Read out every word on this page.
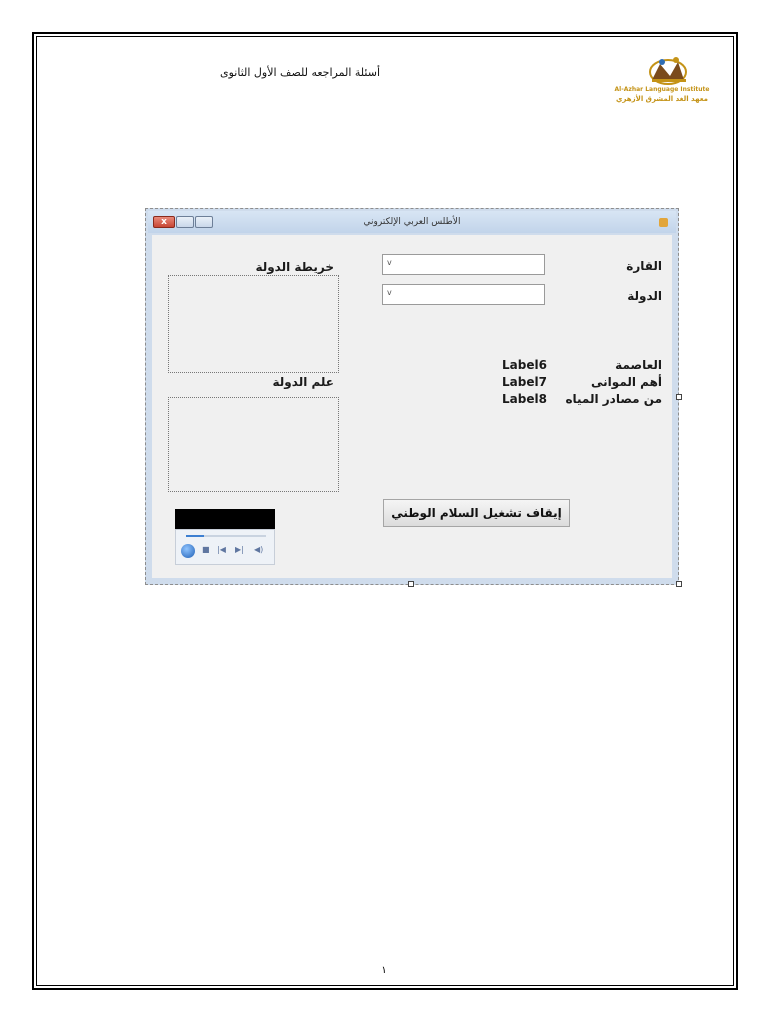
أسئلة المراجعه للصف الأول الثانوى
Al-Azhar Language Institute
معهد الغد المشرق الأزهري
x	الأطلس العربي الإلكتروني
القارة
v
الدولة
v
العاصمة
Label6
أهم الموانى
Label7
من مصادر المياه
Label8
خريطة الدولة
علم الدولة
إيقاف تشغيل السلام الوطني
■ |◀ ▶| ◀)
١
